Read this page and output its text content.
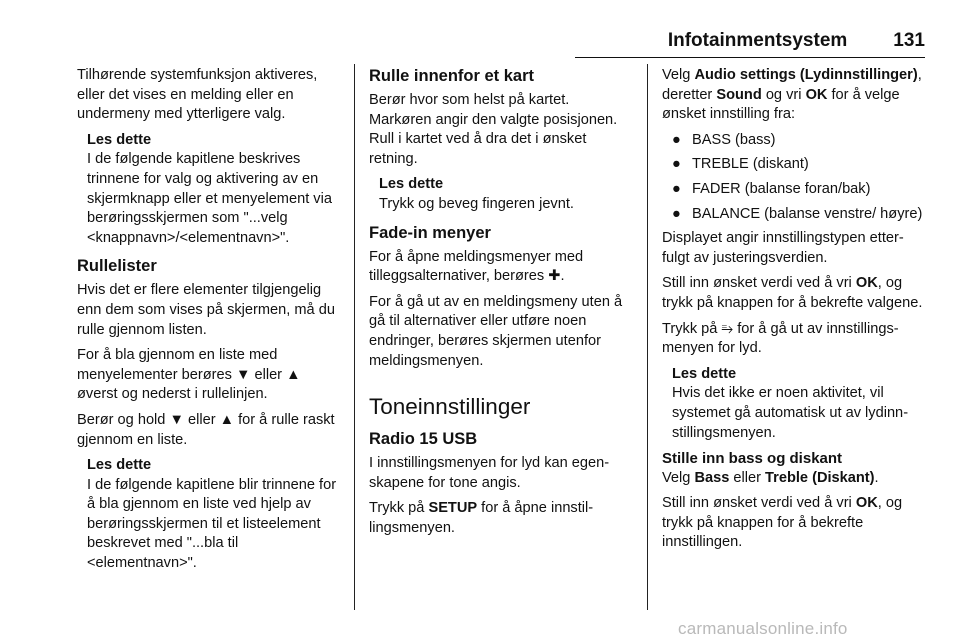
Infotainmentsystem 131

Tilhørende systemfunksjon aktiveres, eller det vises en melding eller en undermeny med ytterligere valg.

Les dette
I de følgende kapitlene beskrives trinnene for valg og aktivering av en skjermknapp eller et menyelement via berøringsskjermen som "...velg <knappnavn>/<elementnavn>".
Rullelister

Hvis det er flere elementer tilgjengelig enn dem som vises på skjermen, må du rulle gjennom listen.

For å bla gjennom en liste med menyelementer berøres ▼ eller ▲ øverst og nederst i rullelinjen.

Berør og hold ▼ eller ▲ for å rulle raskt gjennom en liste.

Les dette
I de følgende kapitlene blir trinnene for å bla gjennom en liste ved hjelp av berøringsskjermen til et listeelement beskrevet med "...bla til <elementnavn>".
Rulle innenfor et kart

Berør hvor som helst på kartet. Markøren angir den valgte posisjonen. Rull i kartet ved å dra det i ønsket retning.

Les dette
Trykk og beveg fingeren jevnt.
Fade-in menyer

For å åpne meldingsmenyer med tilleggsalternativer, berøres ✚.

For å gå ut av en meldingsmeny uten å gå til alternativer eller utføre noen endringer, berøres skjermen utenfor meldingsmenyen.

Toneinnstillinger
Radio 15 USB

I innstillingsmenyen for lyd kan egenskapene for tone angis.

Trykk på SETUP for å åpne innstillingsmenyen.

Velg Audio settings (Lydinnstillinger), deretter Sound og vri OK for å velge ønsket innstilling fra:

● BASS (bass)
● TREBLE (diskant)
● FADER (balanse foran/bak)
● BALANCE (balanse venstre/ høyre)

Displayet angir innstillingstypen etterfulgt av justeringsverdien.

Still inn ønsket verdi ved å vri OK, og trykk på knappen for å bekrefte valgene.

Trykk på ⥱ for å gå ut av innstillingsmenyen for lyd.

Les dette
Hvis det ikke er noen aktivitet, vil systemet gå automatisk ut av lydinnstillingsmenyen.
Stille inn bass og diskant

Velg Bass eller Treble (Diskant).

Still inn ønsket verdi ved å vri OK, og trykk på knappen for å bekrefte innstillingen.

carmanualsonline.info
